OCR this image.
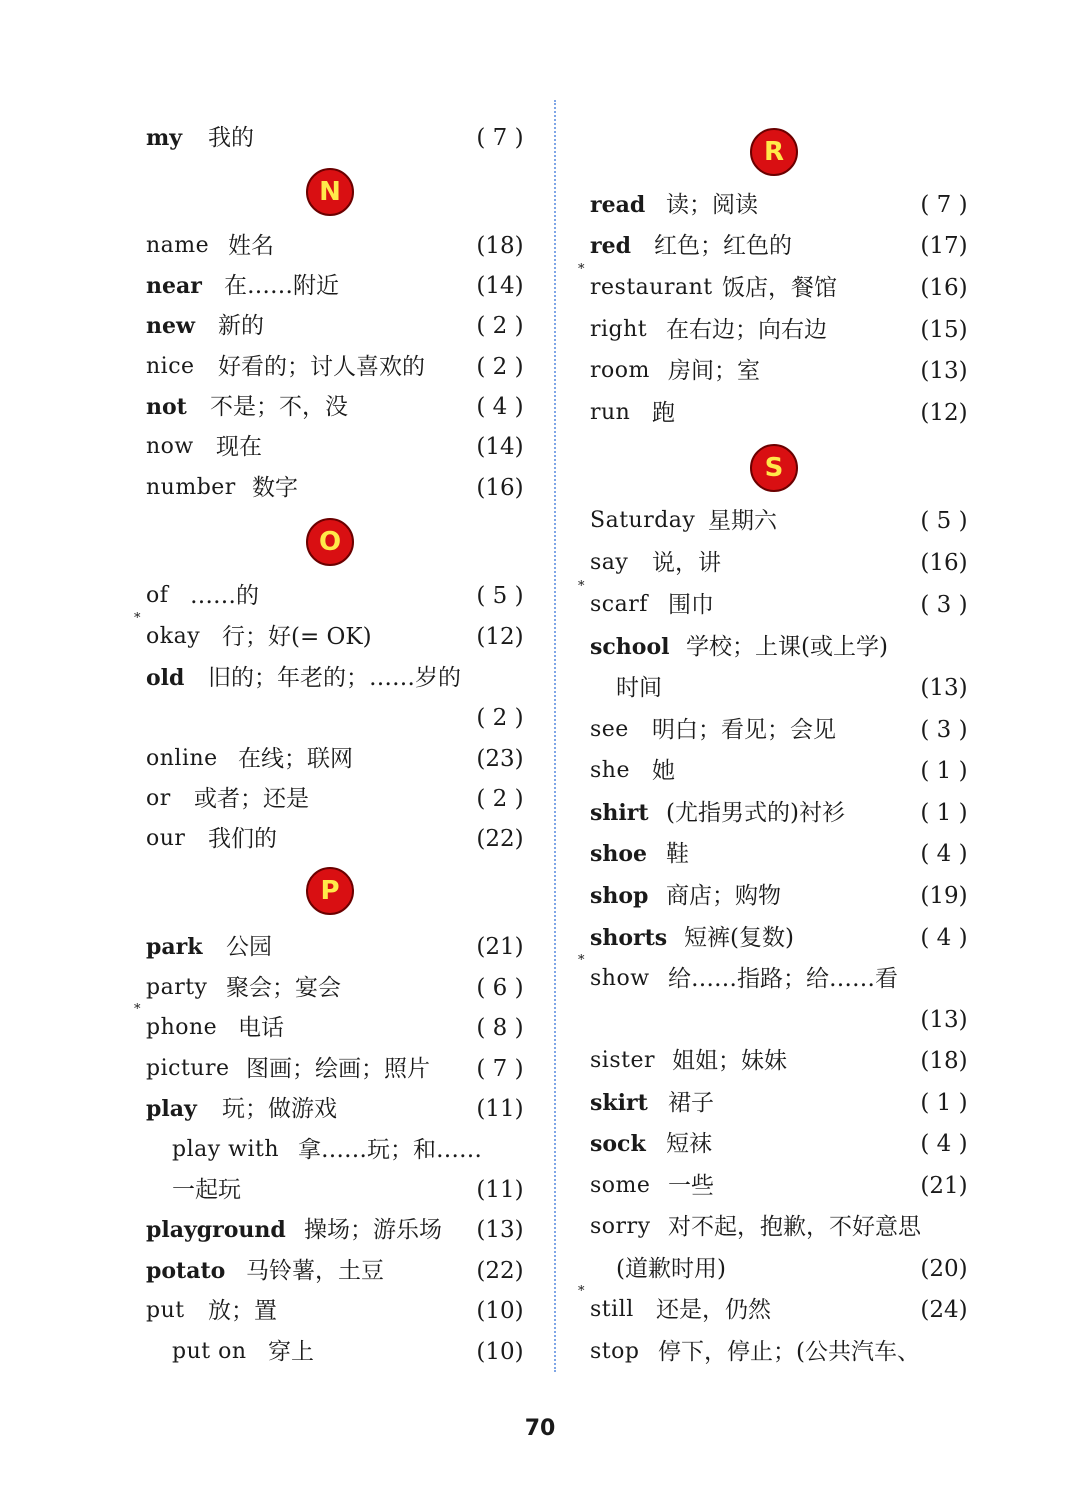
N
O
P
my 我的	( 7 )
name 姓名	(18)
near 在……附近	(14)
new 新的	( 2 )
nice 好看的；讨人喜欢的 ( 2 )
not 不是；不，没	( 4 )
now 现在	(14)
number 数字	(16)
of ……的	( 5 )
*
okay 行；好(= OK)	(12)
old 旧的；年老的；……岁的
( 2 )
online 在线；联网	(23)
or 或者；还是	( 2 )
our 我们的	(22)
park 公园	(21)
party 聚会；宴会	( 6 )
*
phone 电话	( 8 )
picture 图画；绘画；照片 ( 7 )
play 玩；做游戏	(11)
play with 拿……玩；和……
一起玩	(11)
playground 操场；游乐场 (13)
potato 马铃薯，土豆	(22)
put 放；置	(10)
put on 穿上	(10)
R
S
read 读；阅读	( 7 )
red 红色；红色的	(17)
*
restaurant 饭店，餐馆	(16)
right 在右边；向右边	(15)
room 房间；室	(13)
run 跑	(12)
Saturday 星期六	( 5 )
say 说，讲	(16)
*
scarf 围巾	( 3 )
school 学校；上课(或上学)
时间	(13)
see 明白；看见；会见	( 3 )
she 她	( 1 )
shirt (尤指男式的)衬衫	( 1 )
shoe 鞋	( 4 )
shop 商店；购物	(19)
shorts 短裤(复数)	( 4 )
*
show 给……指路；给……看
(13)
sister 姐姐；妹妹	(18)
skirt 裙子	( 1 )
sock 短袜	( 4 )
some 一些	(21)
sorry 对不起，抱歉，不好意思
(道歉时用)	(20)
*
still 还是，仍然	(24)
stop 停下，停止；(公共汽车、
70
